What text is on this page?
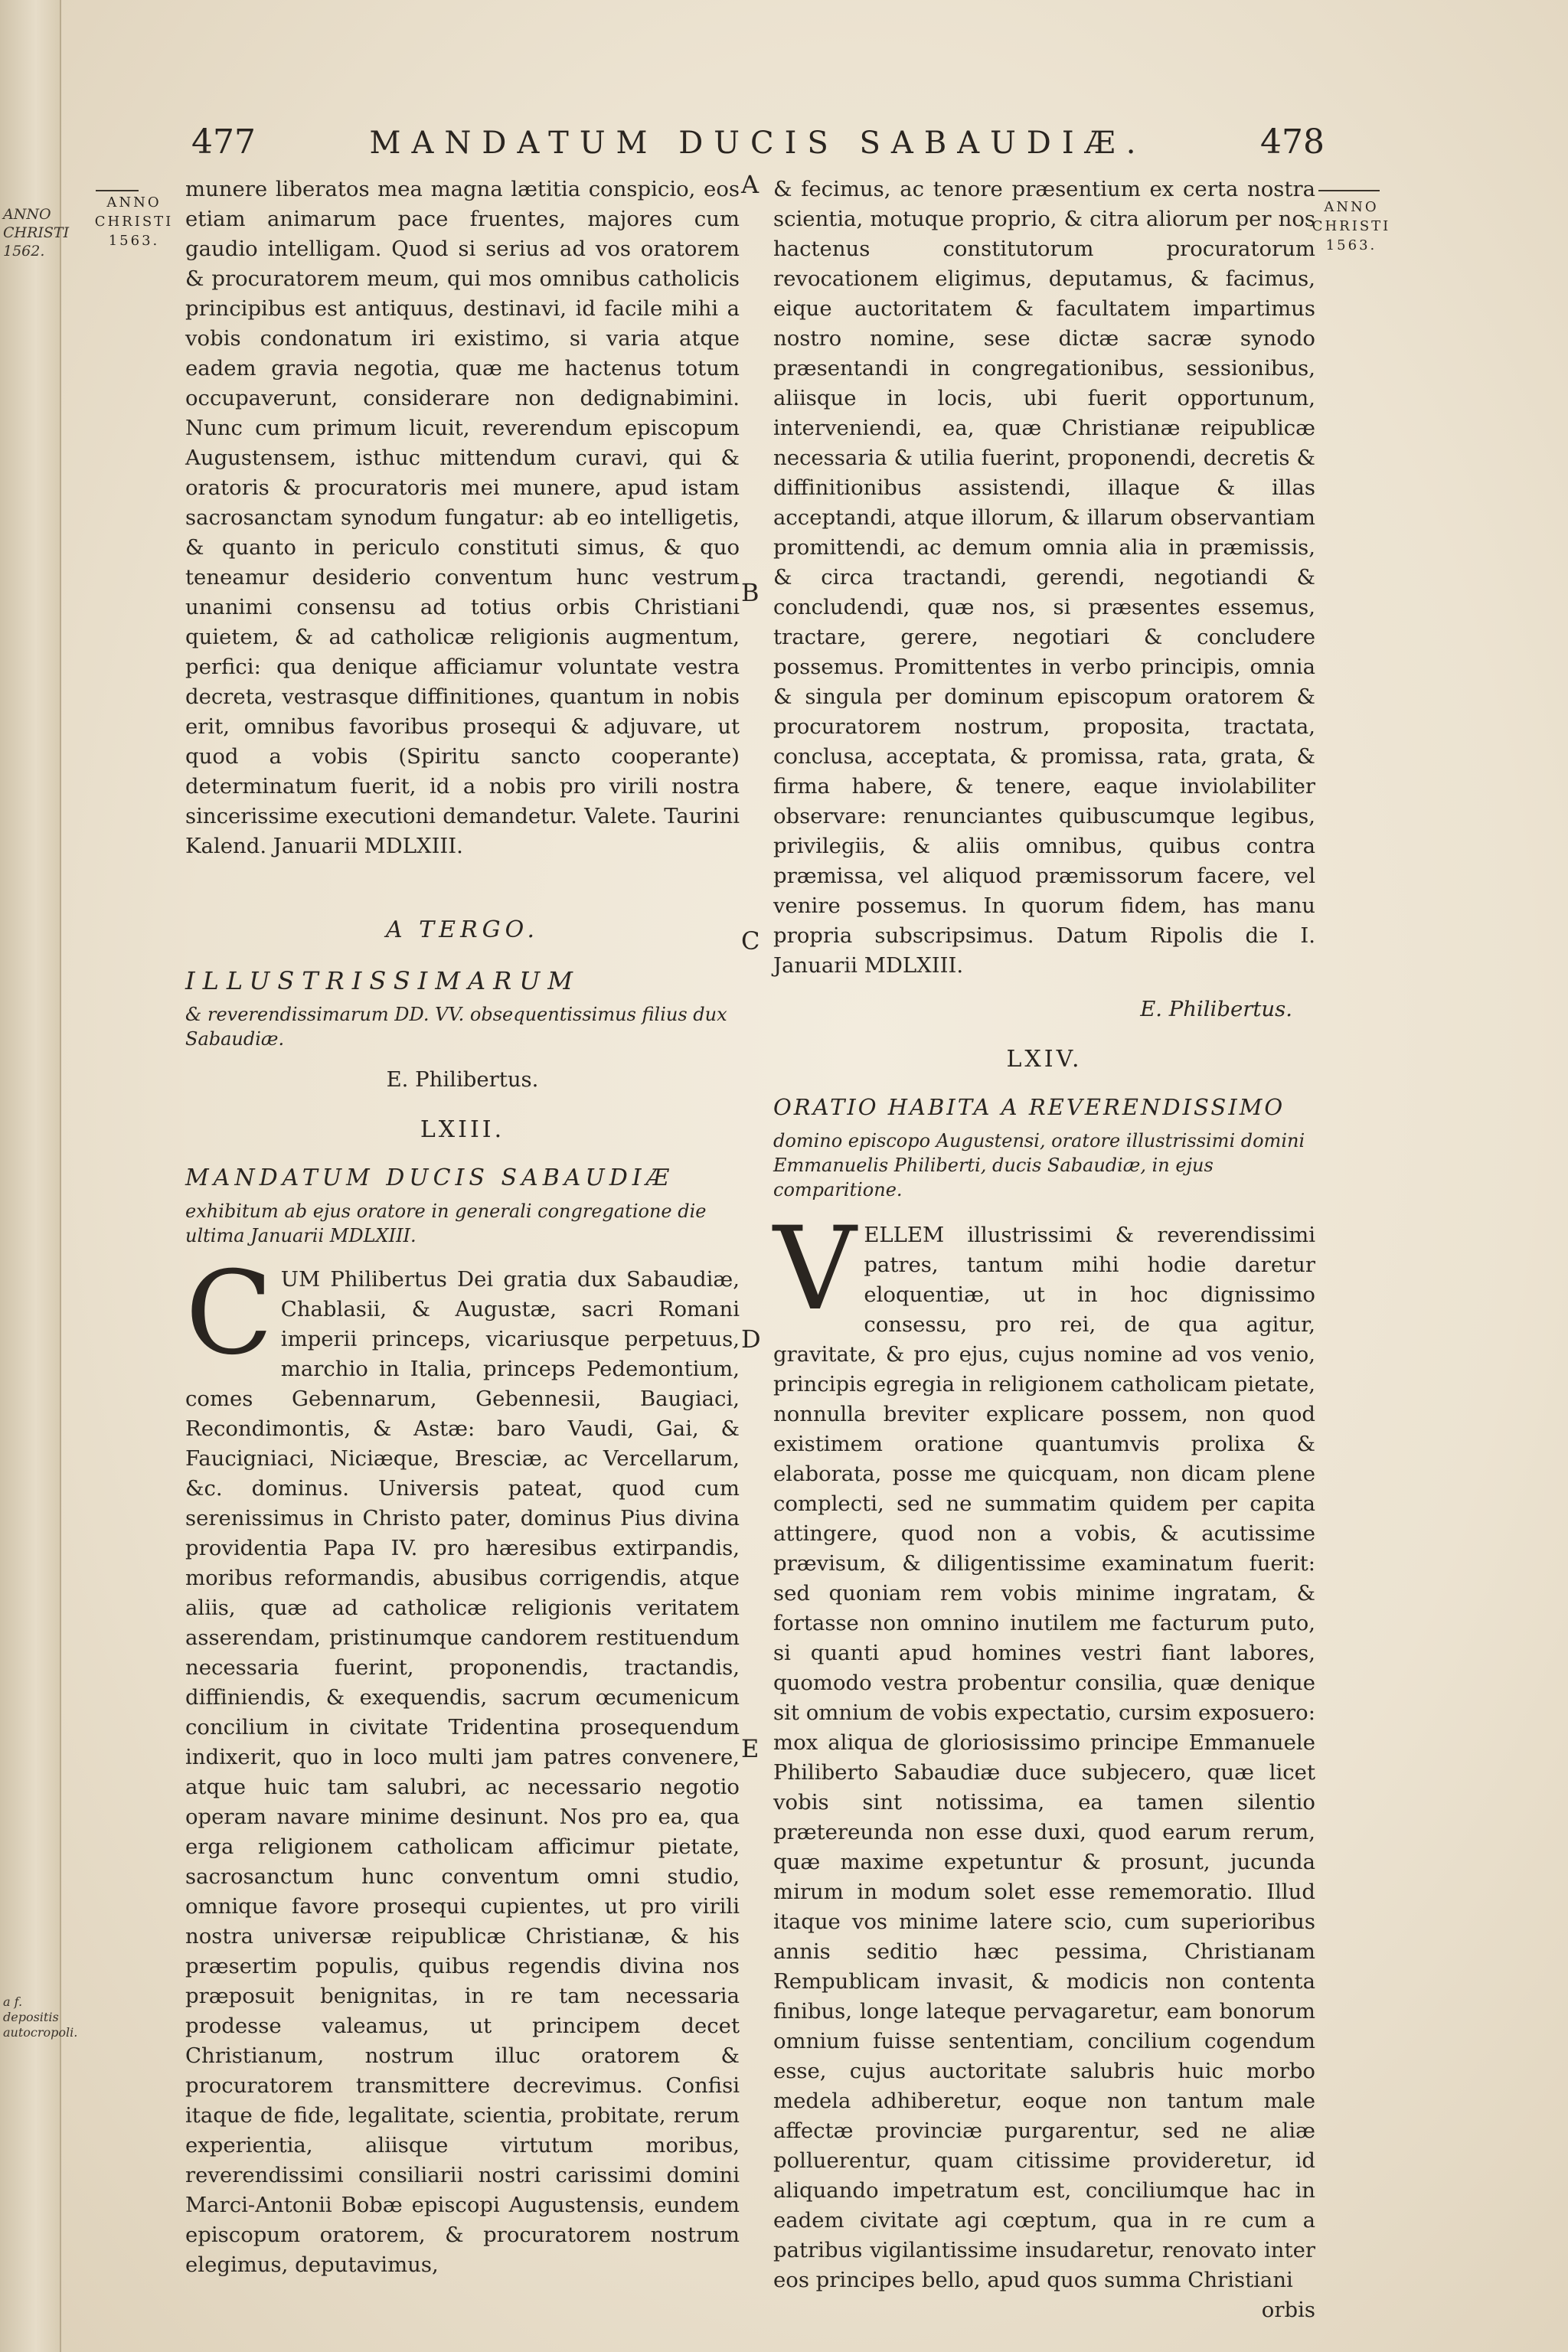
ANNO
CHRISTI
1562.
a f. depositis
autocropoli.
477	MANDATUM DUCIS SABAUDIÆ.	478
ANNO
CHRISTI
1563.
ANNO
CHRISTI
1563.
A
B
C
D
E

munere liberatos mea magna lætitia conspicio, eos etiam animarum pace fruentes, majores cum gaudio intelligam. Quod si serius ad vos oratorem & procuratorem meum, qui mos omnibus catholicis principibus est antiquus, destinavi, id facile mihi a vobis condonatum iri existimo, si varia atque eadem gravia negotia, quæ me hactenus totum occupaverunt, considerare non dedignabimini. Nunc cum primum licuit, reverendum episcopum Augustensem, isthuc mittendum curavi, qui & oratoris & procuratoris mei munere, apud istam sacrosanctam synodum fungatur: ab eo intelligetis, & quanto in periculo constituti simus, & quo teneamur desiderio conventum hunc vestrum unanimi consensu ad totius orbis Christiani quietem, & ad catholicæ religionis augmentum, perfici: qua denique afficiamur voluntate vestra decreta, vestrasque diffinitiones, quantum in nobis erit, omnibus favoribus prosequi & adjuvare, ut quod a vobis (Spiritu sancto cooperante) determinatum fuerit, id a nobis pro virili nostra sincerissime executioni demandetur. Valete. Taurini Kalend. Januarii MDLXIII.

A TERGO.
ILLUSTRISSIMARUM
& reverendissimarum DD. VV. obsequentissimus filius dux Sabaudiæ.
E. Philibertus.
LXIII.
MANDATUM DUCIS SABAUDIÆ
exhibitum ab ejus oratore in generali congregatione die ultima Januarii MDLXIII.

CUM Philibertus Dei gratia dux Sabaudiæ, Chablasii, & Augustæ, sacri Romani imperii princeps, vicariusque perpetuus, marchio in Italia, princeps Pedemontium, comes Gebennarum, Gebennesii, Baugiaci, Recondimontis, & Astæ: baro Vaudi, Gai, & Faucigniaci, Niciæque, Bresciæ, ac Vercellarum, &c. dominus. Universis pateat, quod cum serenissimus in Christo pater, dominus Pius divina providentia Papa IV. pro hæresibus extirpandis, moribus reformandis, abusibus corrigendis, atque aliis, quæ ad catholicæ religionis veritatem asserendam, pristinumque candorem restituendum necessaria fuerint, proponendis, tractandis, diffiniendis, & exequendis, sacrum œcumenicum concilium in civitate Tridentina prosequendum indixerit, quo in loco multi jam patres convenere, atque huic tam salubri, ac necessario negotio operam navare minime desinunt. Nos pro ea, qua erga religionem catholicam afficimur pietate, sacrosanctum hunc conventum omni studio, omnique favore prosequi cupientes, ut pro virili nostra universæ reipublicæ Christianæ, & his præsertim populis, quibus regendis divina nos præposuit benignitas, in re tam necessaria prodesse valeamus, ut principem decet Christianum, nostrum illuc oratorem & procuratorem transmittere decrevimus. Confisi itaque de fide, legalitate, scientia, probitate, rerum experientia, aliisque virtutum moribus, reverendissimi consiliarii nostri carissimi domini Marci-Antonii Bobæ episcopi Augustensis, eundem episcopum oratorem, & procuratorem nostrum elegimus, deputavimus,

& fecimus, ac tenore præsentium ex certa nostra scientia, motuque proprio, & citra aliorum per nos hactenus constitutorum procuratorum revocationem eligimus, deputamus, & facimus, eique auctoritatem & facultatem impartimus nostro nomine, sese dictæ sacræ synodo præsentandi in congregationibus, sessionibus, aliisque in locis, ubi fuerit opportunum, interveniendi, ea, quæ Christianæ reipublicæ necessaria & utilia fuerint, proponendi, decretis & diffinitionibus assistendi, illaque & illas acceptandi, atque illorum, & illarum observantiam promittendi, ac demum omnia alia in præmissis, & circa tractandi, gerendi, negotiandi & concludendi, quæ nos, si præsentes essemus, tractare, gerere, negotiari & concludere possemus. Promittentes in verbo principis, omnia & singula per dominum episcopum oratorem & procuratorem nostrum, proposita, tractata, conclusa, acceptata, & promissa, rata, grata, & firma habere, & tenere, eaque inviolabiliter observare: renunciantes quibuscumque legibus, privilegiis, & aliis omnibus, quibus contra præmissa, vel aliquod præmissorum facere, vel venire possemus. In quorum fidem, has manu propria subscripsimus. Datum Ripolis die I. Januarii MDLXIII.

E. Philibertus.
LXIV.
ORATIO HABITA A REVERENDISSIMO
domino episcopo Augustensi, oratore illustrissimi domini Emmanuelis Philiberti, ducis Sabaudiæ, in ejus comparitione.

VELLEM illustrissimi & reverendissimi patres, tantum mihi hodie daretur eloquentiæ, ut in hoc dignissimo consessu, pro rei, de qua agitur, gravitate, & pro ejus, cujus nomine ad vos venio, principis egregia in religionem catholicam pietate, nonnulla breviter explicare possem, non quod existimem oratione quantumvis prolixa & elaborata, posse me quicquam, non dicam plene complecti, sed ne summatim quidem per capita attingere, quod non a vobis, & acutissime prævisum, & diligentissime examinatum fuerit: sed quoniam rem vobis minime ingratam, & fortasse non omnino inutilem me facturum puto, si quanti apud homines vestri fiant labores, quomodo vestra probentur consilia, quæ denique sit omnium de vobis expectatio, cursim exposuero: mox aliqua de gloriosissimo principe Emmanuele Philiberto Sabaudiæ duce subjecero, quæ licet vobis sint notissima, ea tamen silentio prætereunda non esse duxi, quod earum rerum, quæ maxime expetuntur & prosunt, jucunda mirum in modum solet esse rememoratio. Illud itaque vos minime latere scio, cum superioribus annis seditio hæc pessima, Christianam Rempublicam invasit, & modicis non contenta finibus, longe lateque pervagaretur, eam bonorum omnium fuisse sententiam, concilium cogendum esse, cujus auctoritate salubris huic morbo medela adhiberetur, eoque non tantum male affectæ provinciæ purgarentur, sed ne aliæ polluerentur, quam citissime provideretur, id aliquando impetratum est, conciliumque hac in eadem civitate agi cœptum, qua in re cum a patribus vigilantissime insudaretur, renovato inter eos principes bello, apud quos summa Christiani

orbis
